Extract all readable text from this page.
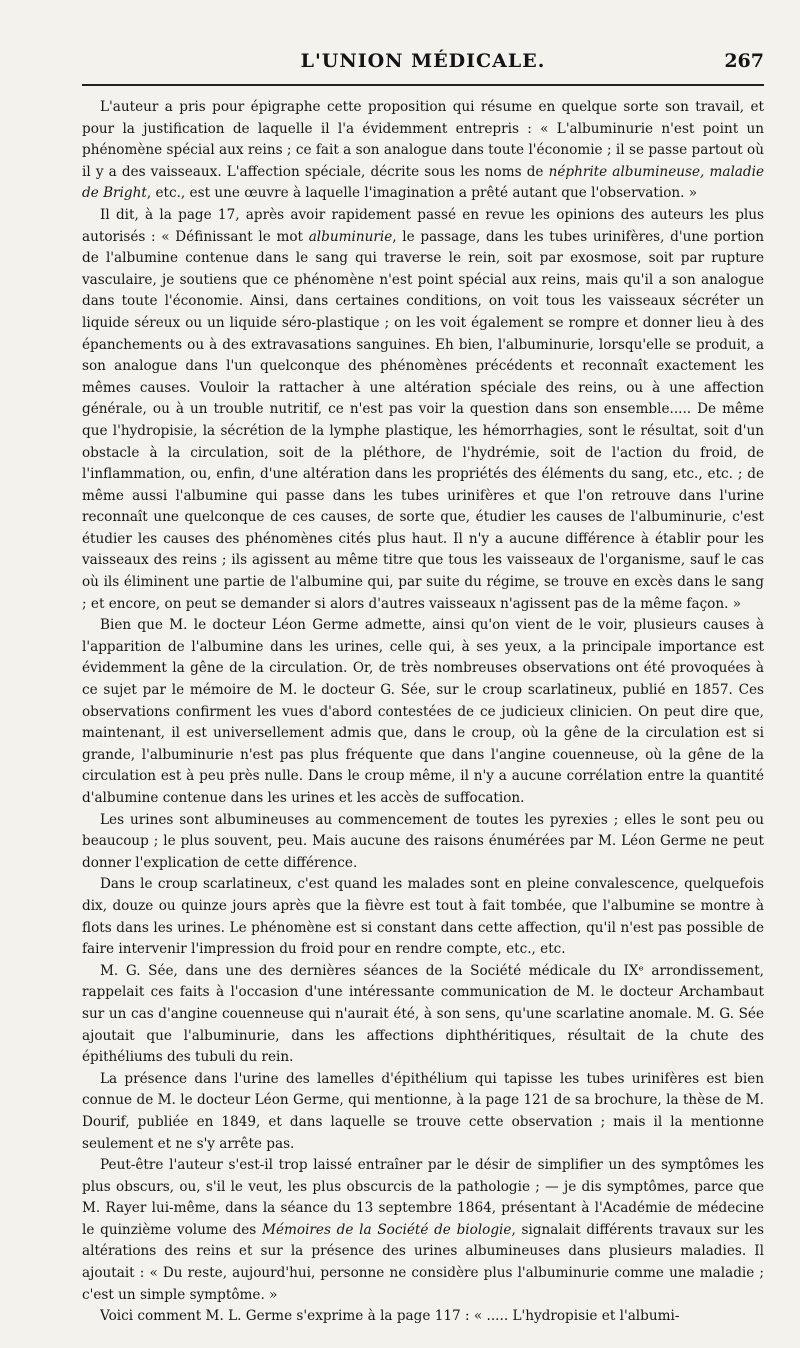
L'UNION MÉDICALE.	267

L'auteur a pris pour épigraphe cette proposition qui résume en quelque sorte son travail, et pour la justification de laquelle il l'a évidemment entrepris : « L'albuminurie n'est point un phénomène spécial aux reins ; ce fait a son analogue dans toute l'économie ; il se passe partout où il y a des vaisseaux. L'affection spéciale, décrite sous les noms de néphrite albumineuse, maladie de Bright, etc., est une œuvre à laquelle l'imagination a prêté autant que l'observation. »

Il dit, à la page 17, après avoir rapidement passé en revue les opinions des auteurs les plus autorisés : « Définissant le mot albuminurie, le passage, dans les tubes urinifères, d'une portion de l'albumine contenue dans le sang qui traverse le rein, soit par exosmose, soit par rupture vasculaire, je soutiens que ce phénomène n'est point spécial aux reins, mais qu'il a son analogue dans toute l'économie. Ainsi, dans certaines conditions, on voit tous les vaisseaux sécréter un liquide séreux ou un liquide séro-plastique ; on les voit également se rompre et donner lieu à des épanchements ou à des extravasations sanguines. Eh bien, l'albuminurie, lorsqu'elle se produit, a son analogue dans l'un quelconque des phénomènes précédents et reconnaît exactement les mêmes causes. Vouloir la rattacher à une altération spéciale des reins, ou à une affection générale, ou à un trouble nutritif, ce n'est pas voir la question dans son ensemble..... De même que l'hydropisie, la sécrétion de la lymphe plastique, les hémorrhagies, sont le résultat, soit d'un obstacle à la circulation, soit de la pléthore, de l'hydrémie, soit de l'action du froid, de l'inflammation, ou, enfin, d'une altération dans les propriétés des éléments du sang, etc., etc. ; de même aussi l'albumine qui passe dans les tubes urinifères et que l'on retrouve dans l'urine reconnaît une quelconque de ces causes, de sorte que, étudier les causes de l'albuminurie, c'est étudier les causes des phénomènes cités plus haut. Il n'y a aucune différence à établir pour les vaisseaux des reins ; ils agissent au même titre que tous les vaisseaux de l'organisme, sauf le cas où ils éliminent une partie de l'albumine qui, par suite du régime, se trouve en excès dans le sang ; et encore, on peut se demander si alors d'autres vaisseaux n'agissent pas de la même façon. »

Bien que M. le docteur Léon Germe admette, ainsi qu'on vient de le voir, plusieurs causes à l'apparition de l'albumine dans les urines, celle qui, à ses yeux, a la principale importance est évidemment la gêne de la circulation. Or, de très nombreuses observations ont été provoquées à ce sujet par le mémoire de M. le docteur G. Sée, sur le croup scarlatineux, publié en 1857. Ces observations confirment les vues d'abord contestées de ce judicieux clinicien. On peut dire que, maintenant, il est universellement admis que, dans le croup, où la gêne de la circulation est si grande, l'albuminurie n'est pas plus fréquente que dans l'angine couenneuse, où la gêne de la circulation est à peu près nulle. Dans le croup même, il n'y a aucune corrélation entre la quantité d'albumine contenue dans les urines et les accès de suffocation.

Les urines sont albumineuses au commencement de toutes les pyrexies ; elles le sont peu ou beaucoup ; le plus souvent, peu. Mais aucune des raisons énumérées par M. Léon Germe ne peut donner l'explication de cette différence.

Dans le croup scarlatineux, c'est quand les malades sont en pleine convalescence, quelquefois dix, douze ou quinze jours après que la fièvre est tout à fait tombée, que l'albumine se montre à flots dans les urines. Le phénomène est si constant dans cette affection, qu'il n'est pas possible de faire intervenir l'impression du froid pour en rendre compte, etc., etc.

M. G. Sée, dans une des dernières séances de la Société médicale du IXᵉ arrondissement, rappelait ces faits à l'occasion d'une intéressante communication de M. le docteur Archambaut sur un cas d'angine couenneuse qui n'aurait été, à son sens, qu'une scarlatine anomale. M. G. Sée ajoutait que l'albuminurie, dans les affections diphthéritiques, résultait de la chute des épithéliums des tubuli du rein.

La présence dans l'urine des lamelles d'épithélium qui tapisse les tubes urinifères est bien connue de M. le docteur Léon Germe, qui mentionne, à la page 121 de sa brochure, la thèse de M. Dourif, publiée en 1849, et dans laquelle se trouve cette observation ; mais il la mentionne seulement et ne s'y arrête pas.

Peut-être l'auteur s'est-il trop laissé entraîner par le désir de simplifier un des symptômes les plus obscurs, ou, s'il le veut, les plus obscurcis de la pathologie ; — je dis symptômes, parce que M. Rayer lui-même, dans la séance du 13 septembre 1864, présentant à l'Académie de médecine le quinzième volume des Mémoires de la Société de biologie, signalait différents travaux sur les altérations des reins et sur la présence des urines albumineuses dans plusieurs maladies. Il ajoutait : « Du reste, aujourd'hui, personne ne considère plus l'albuminurie comme une maladie ; c'est un simple symptôme. »

Voici comment M. L. Germe s'exprime à la page 117 : « ..... L'hydropisie et l'albumi-
